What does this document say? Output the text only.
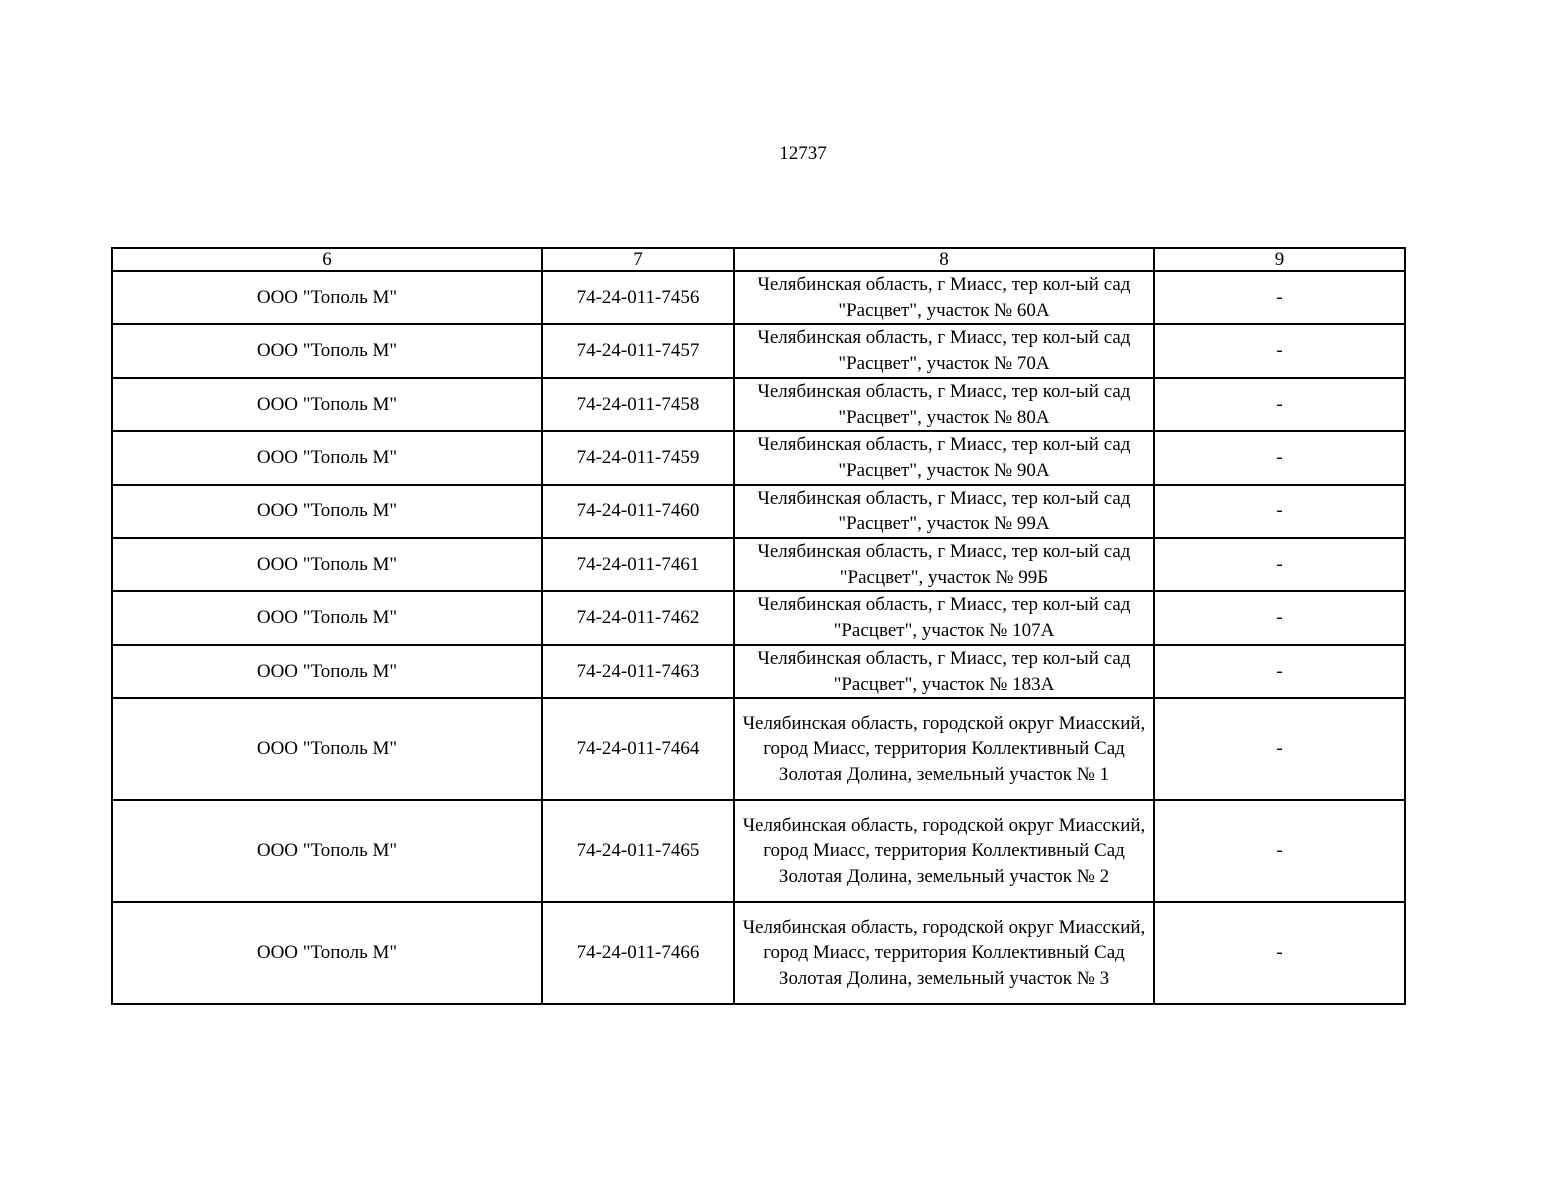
12737
6	7	8	9
ООО "Тополь М"	74-24-011-7456	Челябинская область, г Миасс, тер кол-ый сад "Расцвет", участок № 60А	-
ООО "Тополь М"	74-24-011-7457	Челябинская область, г Миасс, тер кол-ый сад "Расцвет", участок № 70А	-
ООО "Тополь М"	74-24-011-7458	Челябинская область, г Миасс, тер кол-ый сад "Расцвет", участок № 80А	-
ООО "Тополь М"	74-24-011-7459	Челябинская область, г Миасс, тер кол-ый сад "Расцвет", участок № 90А	-
ООО "Тополь М"	74-24-011-7460	Челябинская область, г Миасс, тер кол-ый сад "Расцвет", участок № 99А	-
ООО "Тополь М"	74-24-011-7461	Челябинская область, г Миасс, тер кол-ый сад "Расцвет", участок № 99Б	-
ООО "Тополь М"	74-24-011-7462	Челябинская область, г Миасс, тер кол-ый сад "Расцвет", участок № 107А	-
ООО "Тополь М"	74-24-011-7463	Челябинская область, г Миасс, тер кол-ый сад "Расцвет", участок № 183А	-
ООО "Тополь М"	74-24-011-7464	Челябинская область, городской округ Миасский, город Миасс, территория Коллективный Сад Золотая Долина, земельный участок № 1	-
ООО "Тополь М"	74-24-011-7465	Челябинская область, городской округ Миасский, город Миасс, территория Коллективный Сад Золотая Долина, земельный участок № 2	-
ООО "Тополь М"	74-24-011-7466	Челябинская область, городской округ Миасский, город Миасс, территория Коллективный Сад Золотая Долина, земельный участок № 3	-
